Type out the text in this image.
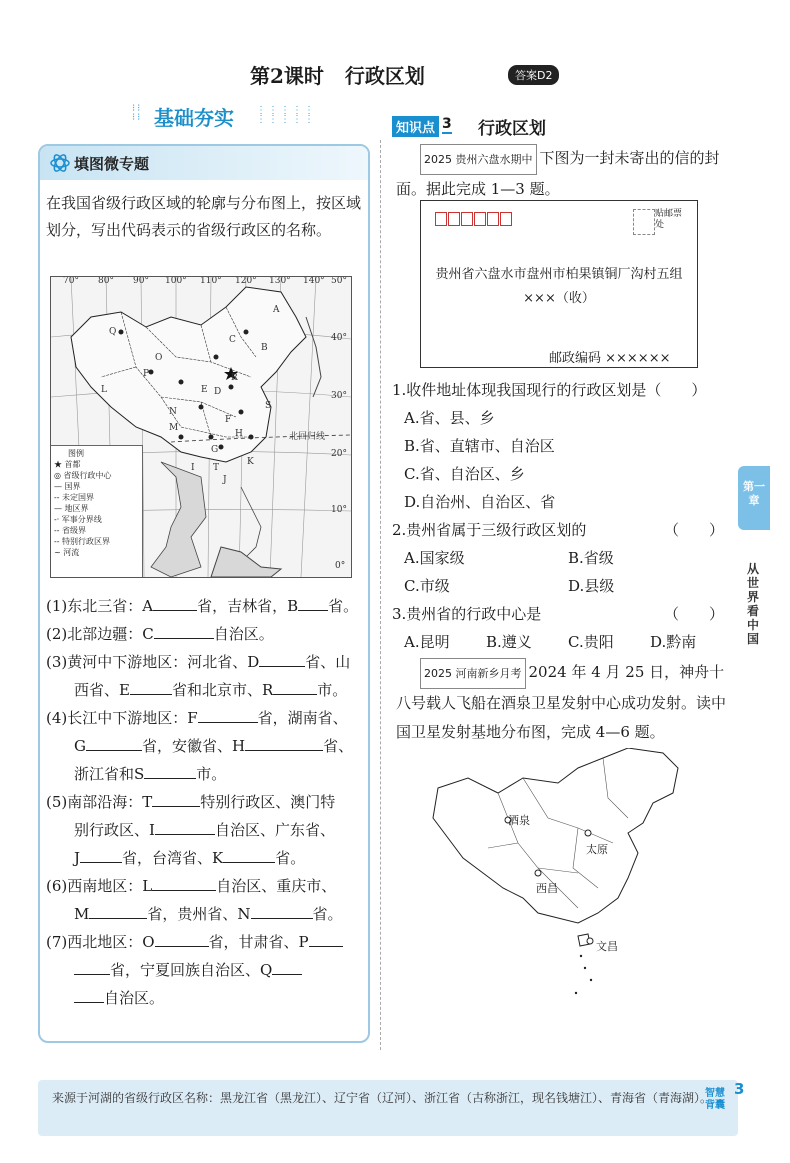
第2课时 行政区划	答案D2
⁝⁝
⁝⁝ 基础夯实 ⋮⋮⋮⋮⋮
⋮⋮⋮⋮⋮
填图微专题
在我国省级行政区域的轮廓与分布图上，按区域划分，写出代码表示的省级行政区的名称。
70° 80° 90° 100° 110° 120° 130° 140° 50°
40°
30°
20°
10°
0°
A
B
C
D
E
F
G
H
I
J
K
L
M
N
O
P
Q
R
S
T
北回归线
图例
★ 首都
◎ 省级行政中心
— 国界
-- 未定国界
— 地区界
-· 军事分界线
-- 省级界
-- 特别行政区界
~ 河流
(1)东北三省：A	省，吉林省，B 省。
(2)北部边疆：C	自治区。
(3)黄河中下游地区：河北省、D	省、山
西省、E	省和北京市、R	市。
(4)长江中下游地区：F	省，湖南省、
G	省，安徽省、H	省、
浙江省和S	市。
(5)南部沿海：T	特别行政区、澳门特
别行政区、I	自治区、广东省、
J	省，台湾省、K	省。
(6)西南地区：L	自治区、重庆市、
M	省，贵州省、N	省。
(7)西北地区：O	省，甘肃省、P
省，宁夏回族自治区、Q
自治区。
知识点 3 行政区划
2025 贵州六盘水期中 下图为一封未寄出的信的封面。据此完成 1—3 题。
贴邮票处
贵州省六盘水市盘州市柏果镇铜厂沟村五组
×××（收）
邮政编码 ××××××
1.收件地址体现我国现行的行政区划是（　　）
A.省、县、乡
B.省、直辖市、自治区
C.省、自治区、乡
D.自治州、自治区、省
2.贵州省属于三级行政区划的	（　　）
A.国家级	B.省级
C.市级	D.县级
3.贵州省的行政中心是	（　　）
A.昆明 B.遵义 C.贵阳 D.黔南
2025 河南新乡月考 2024 年 4 月 25 日，神舟十八号载人飞船在酒泉卫星发射中心成功发射。读中国卫星发射基地分布图，完成 4—6 题。
酒泉
太原
西昌
文昌
第一章
从世界看中国
来源于河湖的省级行政区名称：黑龙江省（黑龙江）、辽宁省（辽河）、浙江省（古称浙江，现名钱塘江）、青海省（青海湖）。
智慧背囊
3
